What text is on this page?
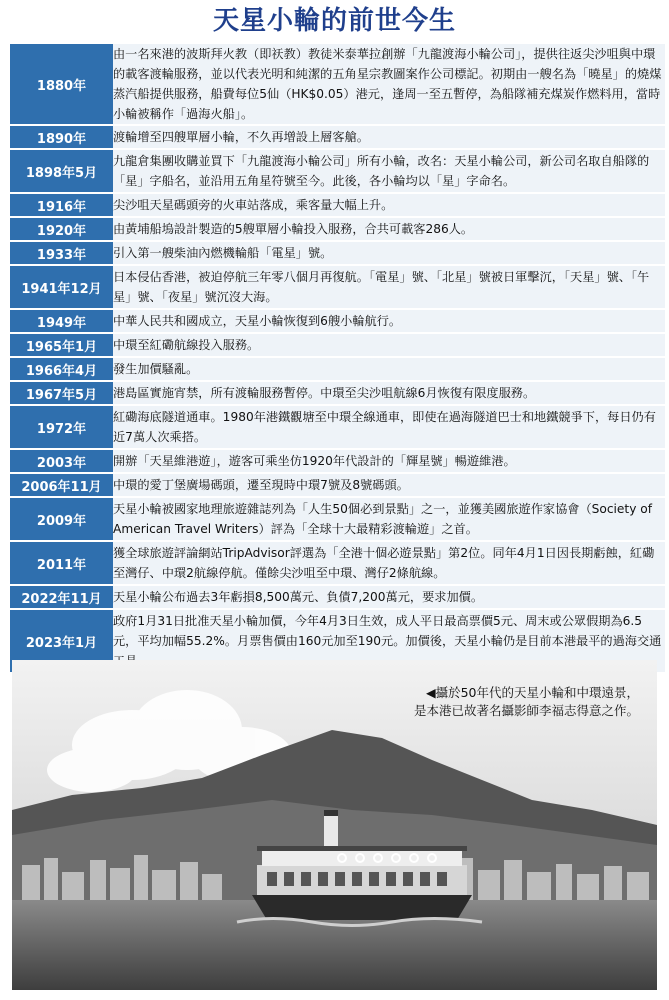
天星小輪的前世今生
1880年	由一名來港的波斯拜火教（即祆教）教徒米泰華拉創辦「九龍渡海小輪公司」，提供往返尖沙咀與中環的載客渡輪服務，並以代表光明和純潔的五角星宗教圖案作公司標記。初期由一艘名為「曉星」的燒煤蒸汽船提供服務，船費每位5仙（HK$0.05）港元，逢周一至五暫停，為船隊補充煤炭作燃料用，當時小輪被稱作「過海火船」。
1890年	渡輪增至四艘單層小輪，不久再增設上層客艙。
1898年5月	九龍倉集團收購並買下「九龍渡海小輪公司」所有小輪，改名：天星小輪公司，新公司名取自船隊的「星」字船名，並沿用五角星符號至今。此後，各小輪均以「星」字命名。
1916年	尖沙咀天星碼頭旁的火車站落成，乘客量大幅上升。
1920年	由黃埔船塢設計製造的5艘單層小輪投入服務，合共可載客286人。
1933年	引入第一艘柴油內燃機輪船「電星」號。
1941年12月	日本侵佔香港，被迫停航三年零八個月再復航。「電星」號、「北星」號被日軍擊沉，「天星」號、「午星」號、「夜星」號沉沒大海。
1949年	中華人民共和國成立，天星小輪恢復到6艘小輪航行。
1965年1月	中環至紅磡航線投入服務。
1966年4月	發生加價騷亂。
1967年5月	港島區實施宵禁，所有渡輪服務暫停。中環至尖沙咀航線6月恢復有限度服務。
1972年	紅磡海底隧道通車。1980年港鐵觀塘至中環全線通車，即使在過海隧道巴士和地鐵競爭下，每日仍有近7萬人次乘搭。
2003年	開辦「天星維港遊」，遊客可乘坐仿1920年代設計的「輝星號」暢遊維港。
2006年11月	中環的愛丁堡廣場碼頭，遷至現時中環7號及8號碼頭。
2009年	天星小輪被國家地理旅遊雜誌列為「人生50個必到景點」之一，並獲美國旅遊作家協會（Society of American Travel Writers）評為「全球十大最精彩渡輪遊」之首。
2011年	獲全球旅遊評論網站TripAdvisor評選為「全港十個必遊景點」第2位。同年4月1日因長期虧蝕，紅磡至灣仔、中環2航線停航。僅餘尖沙咀至中環、灣仔2條航線。
2022年11月	天星小輪公布過去3年虧損8,500萬元、負債7,200萬元，要求加價。
2023年1月	政府1月31日批准天星小輪加價，今年4月3日生效，成人平日最高票價5元、周末或公眾假期為6.5元，平均加幅55.2%。月票售價由160元加至190元。加價後，天星小輪仍是目前本港最平的過海交通
◀攝於50年代的天星小輪和中環遠景，
是本港已故著名攝影師李福志得意之作。
